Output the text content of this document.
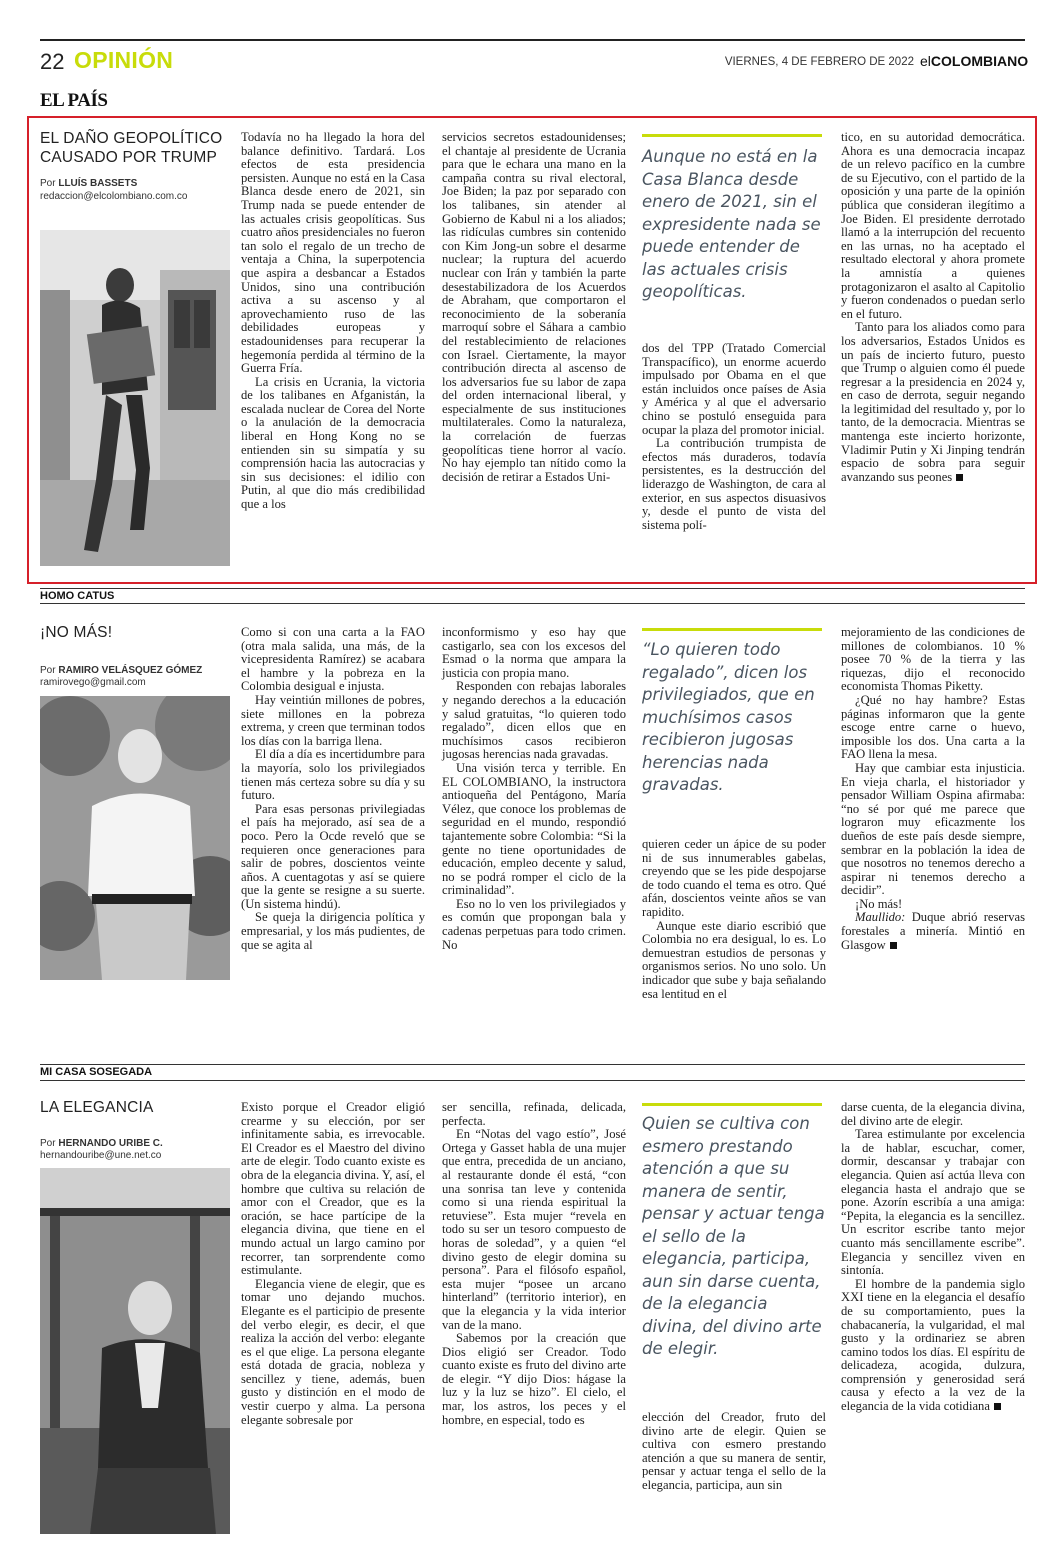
22 OPINIÓN	VIERNES, 4 DE FEBRERO DE 2022 elCOLOMBIANO
EL PAÍS
EL DAÑO GEOPOLÍTICO
CAUSADO POR TRUMP
Por LLUÍS BASSETS
redaccion@elcolombiano.com.co

Todavía no ha llegado la hora del balance definitivo. Tardará. Los efectos de esta presidencia persisten. Aunque no está en la Casa Blanca desde enero de 2021, sin Trump nada se puede entender de las actuales crisis geopolíticas. Sus cuatro años presidenciales no fueron tan solo el regalo de un trecho de ventaja a China, la superpotencia que aspira a desbancar a Estados Unidos, sino una contribución activa a su ascenso y al aprovechamiento ruso de las debilidades europeas y estadounidenses para recuperar la hegemonía perdida al término de la Guerra Fría.

La crisis en Ucrania, la victoria de los talibanes en Afganistán, la escalada nuclear de Corea del Norte o la anulación de la democracia liberal en Hong Kong no se entienden sin su simpatía y su comprensión hacia las autocracias y sin sus decisiones: el idilio con Putin, al que dio más credibilidad que a los

servicios secretos estadounidenses; el chantaje al presidente de Ucrania para que le echara una mano en la campaña contra su rival electoral, Joe Biden; la paz por separado con los talibanes, sin atender al Gobierno de Kabul ni a los aliados; las ridículas cumbres sin contenido con Kim Jong-un sobre el desarme nuclear; la ruptura del acuerdo nuclear con Irán y también la parte desestabilizadora de los Acuerdos de Abraham, que comportaron el reconocimiento de la soberanía marroquí sobre el Sáhara a cambio del restablecimiento de relaciones con Israel. Ciertamente, la mayor contribución directa al ascenso de los adversarios fue su labor de zapa del orden internacional liberal, y especialmente de sus instituciones multilaterales. Como la naturaleza, la correlación de fuerzas geopolíticas tiene horror al vacío. No hay ejemplo tan nítido como la decisión de retirar a Estados Uni-

Aunque no está en la Casa Blanca desde enero de 2021, sin el expresidente nada se puede entender de las actuales crisis geopolíticas.

dos del TPP (Tratado Comercial Transpacífico), un enorme acuerdo impulsado por Obama en el que están incluidos once países de Asia y América y al que el adversario chino se postuló enseguida para ocupar la plaza del promotor inicial.

La contribución trumpista de efectos más duraderos, todavía persistentes, es la destrucción del liderazgo de Washington, de cara al exterior, en sus aspectos disuasivos y, desde el punto de vista del sistema polí-

tico, en su autoridad democrática. Ahora es una democracia incapaz de un relevo pacífico en la cumbre de su Ejecutivo, con el partido de la oposición y una parte de la opinión pública que consideran ilegítimo a Joe Biden. El presidente derrotado llamó a la interrupción del recuento en las urnas, no ha aceptado el resultado electoral y ahora promete la amnistía a quienes protagonizaron el asalto al Capitolio y fueron condenados o puedan serlo en el futuro.

Tanto para los aliados como para los adversarios, Estados Unidos es un país de incierto futuro, puesto que Trump o alguien como él puede regresar a la presidencia en 2024 y, en caso de derrota, seguir negando la legitimidad del resultado y, por lo tanto, de la democracia. Mientras se mantenga este incierto horizonte, Vladimir Putin y Xi Jinping tendrán espacio de sobra para seguir avanzando sus peones

HOMO CATUS
¡NO MÁS!
Por RAMIRO VELÁSQUEZ GÓMEZ
ramirovego@gmail.com

Como si con una carta a la FAO (otra mala salida, una más, de la vicepresidenta Ramírez) se acabara el hambre y la pobreza en la Colombia desigual e injusta.

Hay veintiún millones de pobres, siete millones en la pobreza extrema, y creen que terminan todos los días con la barriga llena.

El día a día es incertidumbre para la mayoría, solo los privilegiados tienen más certeza sobre su día y su futuro.

Para esas personas privilegiadas el país ha mejorado, así sea de a poco. Pero la Ocde reveló que se requieren once generaciones para salir de pobres, doscientos veinte años. A cuentagotas y así se quiere que la gente se resigne a su suerte. (Un sistema hindú).

Se queja la dirigencia política y empresarial, y los más pudientes, de que se agita al

inconformismo y eso hay que castigarlo, sea con los excesos del Esmad o la norma que ampara la justicia con propia mano.

Responden con rebajas laborales y negando derechos a la educación y salud gratuitas, “lo quieren todo regalado”, dicen ellos que en muchísimos casos recibieron jugosas herencias nada gravadas.

Una visión terca y terrible. En EL COLOMBIANO, la instructora antioqueña del Pentágono, María Vélez, que conoce los problemas de seguridad en el mundo, respondió tajantemente sobre Colombia: “Si la gente no tiene oportunidades de educación, empleo decente y salud, no se podrá romper el ciclo de la criminalidad”.

Eso no lo ven los privilegiados y es común que propongan bala y cadenas perpetuas para todo crimen. No

“Lo quieren todo regalado”, dicen los privilegiados, que en muchísimos casos recibieron jugosas herencias nada gravadas.

quieren ceder un ápice de su poder ni de sus innumerables gabelas, creyendo que se les pide despojarse de todo cuando el tema es otro. Qué afán, doscientos veinte años se van rapidito.

Aunque este diario escribió que Colombia no era desigual, lo es. Lo demuestran estudios de personas y organismos serios. No uno solo. Un indicador que sube y baja señalando esa lentitud en el

mejoramiento de las condiciones de millones de colombianos. 10 % posee 70 % de la tierra y las riquezas, dijo el reconocido economista Thomas Piketty.

¿Qué no hay hambre? Estas páginas informaron que la gente escoge entre carne o huevo, imposible los dos. Una carta a la FAO llena la mesa.

Hay que cambiar esta injusticia. En vieja charla, el historiador y pensador William Ospina afirmaba: “no sé por qué me parece que lograron muy eficazmente los dueños de este país desde siempre, sembrar en la población la idea de que nosotros no tenemos derecho a aspirar ni tenemos derecho a decidir”.

¡No más!

Maullido: Duque abrió reservas forestales a minería. Mintió en Glasgow

MI CASA SOSEGADA
LA ELEGANCIA
Por HERNANDO URIBE C.
hernandouribe@une.net.co

Existo porque el Creador eligió crearme y su elección, por ser infinitamente sabia, es irrevocable. El Creador es el Maestro del divino arte de elegir. Todo cuanto existe es obra de la elegancia divina. Y, así, el hombre que cultiva su relación de amor con el Creador, que es la oración, se hace partícipe de la elegancia divina, que tiene en el mundo actual un largo camino por recorrer, tan sorprendente como estimulante.

Elegancia viene de elegir, que es tomar uno dejando muchos. Elegante es el participio de presente del verbo elegir, es decir, el que realiza la acción del verbo: elegante es el que elige. La persona elegante está dotada de gracia, nobleza y sencillez y tiene, además, buen gusto y distinción en el modo de vestir cuerpo y alma. La persona elegante sobresale por

ser sencilla, refinada, delicada, perfecta.

En “Notas del vago estío”, José Ortega y Gasset habla de una mujer que entra, precedida de un anciano, al restaurante donde él está, “con una sonrisa tan leve y contenida como si una rienda espiritual la retuviese”. Esta mujer “revela en todo su ser un tesoro compuesto de horas de soledad”, y a quien “el divino gesto de elegir domina su persona”. Para el filósofo español, esta mujer “posee un arcano hinterland” (territorio interior), en que la elegancia y la vida interior van de la mano.

Sabemos por la creación que Dios eligió ser Creador. Todo cuanto existe es fruto del divino arte de elegir. “Y dijo Dios: hágase la luz y la luz se hizo”. El cielo, el mar, los astros, los peces y el hombre, en especial, todo es

Quien se cultiva con esmero prestando atención a que su manera de sentir, pensar y actuar tenga el sello de la elegancia, participa, aun sin darse cuenta, de la elegancia divina, del divino arte de elegir.

elección del Creador, fruto del divino arte de elegir. Quien se cultiva con esmero prestando atención a que su manera de sentir, pensar y actuar tenga el sello de la elegancia, participa, aun sin

darse cuenta, de la elegancia divina, del divino arte de elegir.

Tarea estimulante por excelencia la de hablar, escuchar, comer, dormir, descansar y trabajar con elegancia. Quien así actúa lleva con elegancia hasta el andrajo que se pone. Azorín escribía a una amiga: “Pepita, la elegancia es la sencillez. Un escritor escribe tanto mejor cuanto más sencillamente escribe”. Elegancia y sencillez viven en sintonía.

El hombre de la pandemia siglo XXI tiene en la elegancia el desafío de su comportamiento, pues la chabacanería, la vulgaridad, el mal gusto y la ordinariez se abren camino todos los días. El espíritu de delicadeza, acogida, dulzura, comprensión y generosidad será causa y efecto a la vez de la elegancia de la vida cotidiana
